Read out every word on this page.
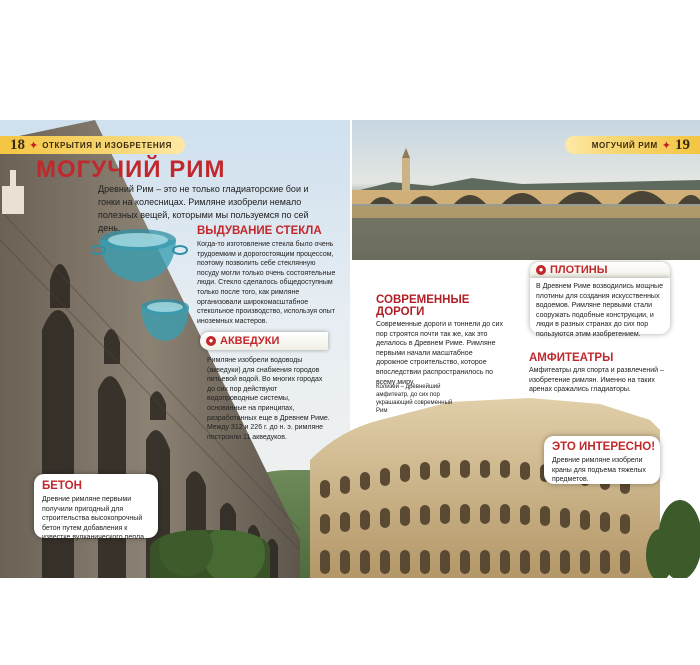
Древние римляне строили длинные и прочные мосты
18 ✦ ОТКРЫТИЯ И ИЗОБРЕТЕНИЯ	МОГУЧИЙ РИМ ✦ 19
МОГУЧИЙ РИМ

Древний Рим – это не только гладиаторские бои и гонки на колесницах. Римляне изобрели немало полезных вещей, которыми мы пользуемся по сей день.	ВЫДУВАНИЕ СТЕКЛА

Когда-то изготовление стекла было очень трудоемким и дорогостоящим процессом, поэтому позволить себе стеклянную посуду могли только очень состоятельные люди. Стекло сделалось общедоступным только после того, как римляне организовали широкомасштабное стекольное производство, используя опыт иноземных мастеров.

● АКВЕДУКИ

Римляне изобрели водоводы (акведуки) для снабжения городов питьевой водой. Во многих городах до сих пор действуют водопроводные системы, основанные на принципах, разработанных еще в Древнем Риме. Между 312 и 226 г. до н. э. римляне построили 11 акведуков.

БЕТОН
Древние римляне первыми получили пригодный для строительства высокопрочный бетон путем добавления к известке вулканического пепла.
● ПЛОТИНЫ
В Древнем Риме возводились мощные плотины для создания искусственных водоемов. Римляне первыми стали сооружать подобные конструкции, и люди в разных странах до сих пор пользуются этим изобретением.
СОВРЕМЕННЫЕ ДОРОГИ

Современные дороги и тоннели до сих пор строятся почти так же, как это делалось в Древнем Риме. Римляне первыми начали масштабное дорожное строительство, которое впоследствии распространилось по всему миру.

АМФИТЕАТРЫ

Амфитеатры для спорта и развлечений – изобретение римлян. Именно на таких аренах сражались гладиаторы.

Колизей – древнейший амфитеатр, до сих пор украшающий современный Рим

ЭТО ИНТЕРЕСНО!
Древние римляне изобрели краны для подъема тяжелых предметов.
